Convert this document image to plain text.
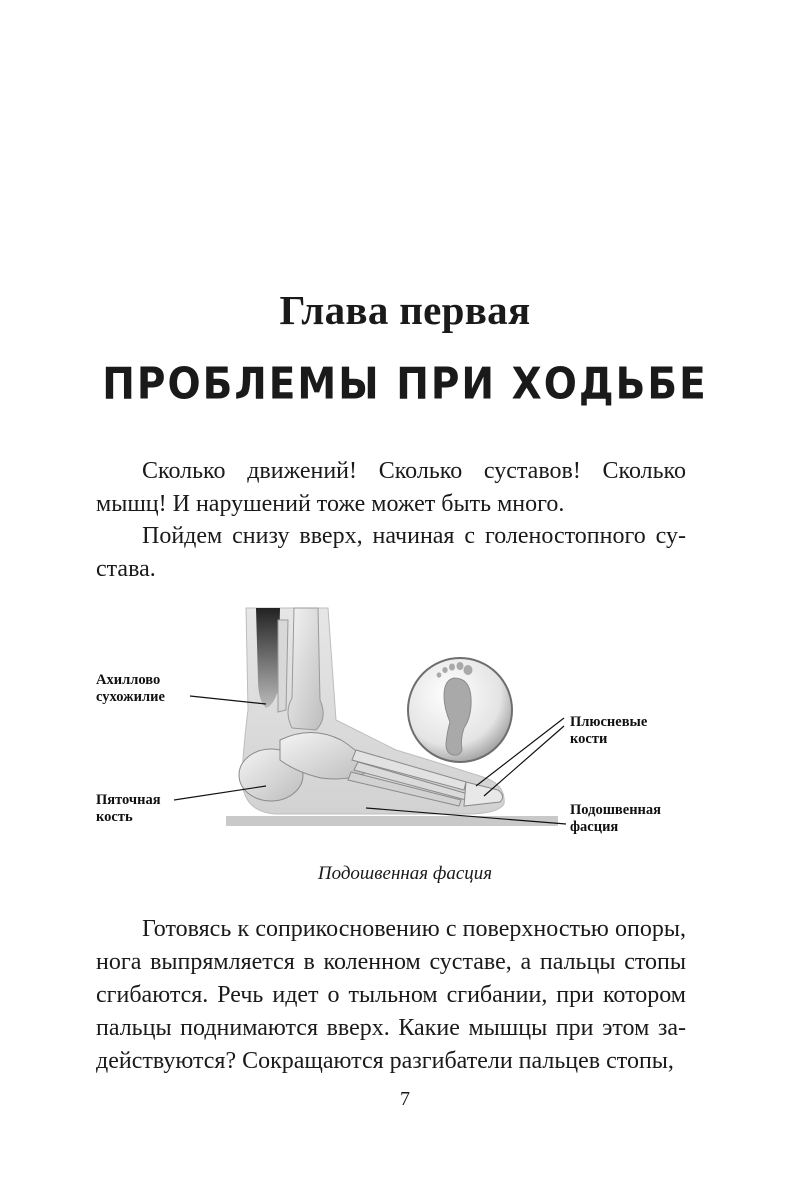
Глава первая
ПРОБЛЕМЫ ПРИ ХОДЬБЕ

Сколько движений! Сколько суставов! Сколько мышц! И нарушений тоже может быть много.

Пойдем снизу вверх, начиная с голеностопного сустава.

Ахиллово
сухожилие
Пяточная
кость
Плюсневые
кости
Подошвенная
фасция
Подошвенная фасция

Готовясь к соприкосновению с поверхностью опоры, нога выпрямляется в коленном суставе, а пальцы стопы сгибаются. Речь идет о тыльном сгибании, при котором пальцы поднимаются вверх. Какие мышцы при этом задействуются? Сокращаются разгибатели пальцев стопы,

7
